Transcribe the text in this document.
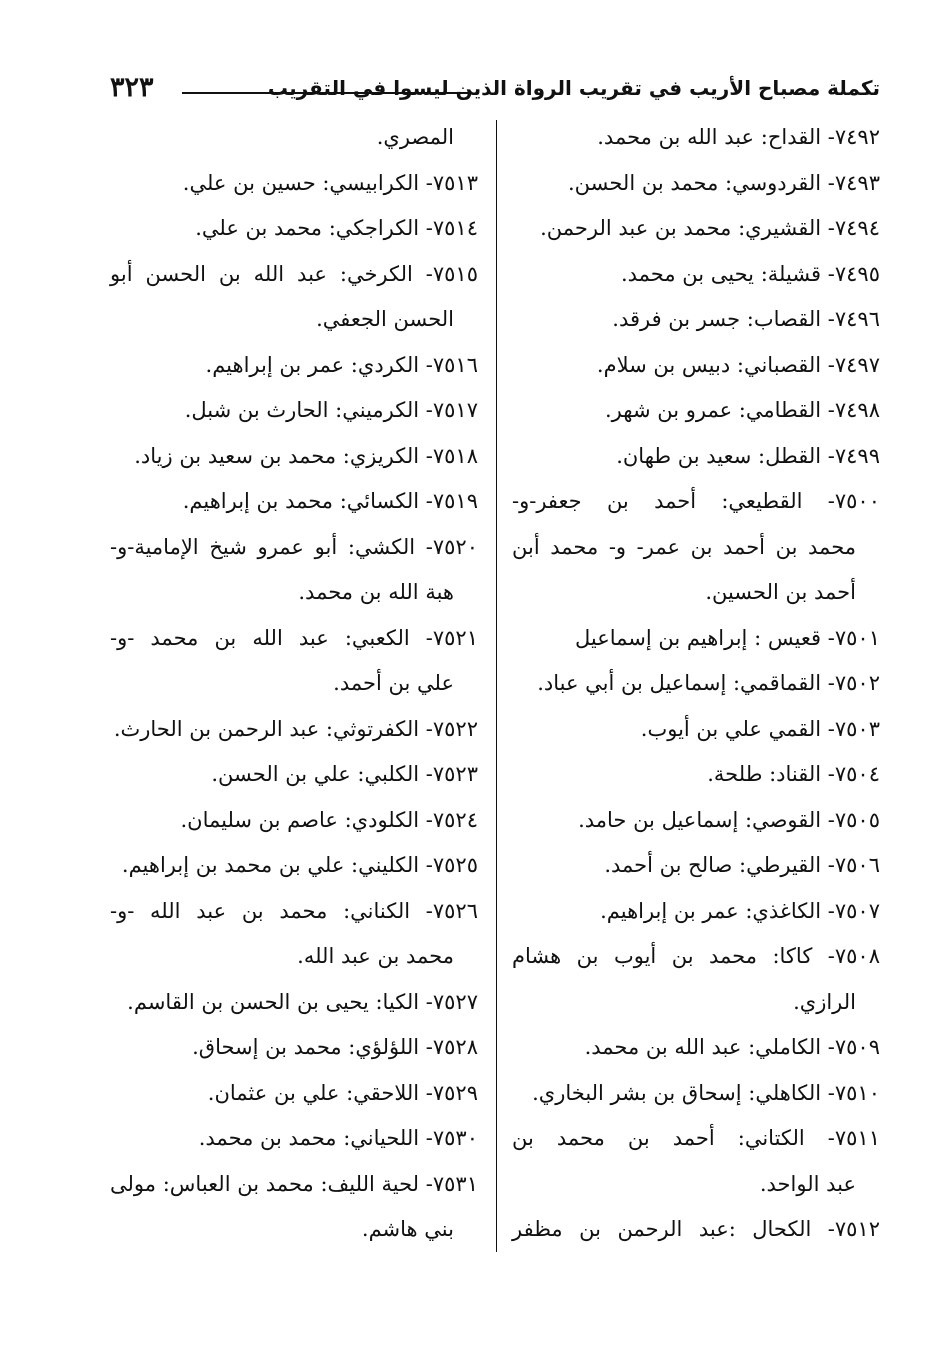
تكملة مصباح الأريب في تقريب الرواة الذين ليسوا في التقريب
٣٢٣
٧٤٩٢- القداح: عبد الله بن محمد.
٧٤٩٣- القردوسي: محمد بن الحسن.
٧٤٩٤- القشيري: محمد بن عبد الرحمن.
٧٤٩٥- قشيلة: يحيى بن محمد.
٧٤٩٦- القصاب: جسر بن فرقد.
٧٤٩٧- القصباني: دبيس بن سلام.
٧٤٩٨- القطامي: عمرو بن شهر.
٧٤٩٩- القطل: سعيد بن طهان.
٧٥٠٠- القطيعي: أحمد بن جعفر-و-
محمد بن أحمد بن عمر- و- محمد أبن
أحمد بن الحسين.
٧٥٠١- قعيس : إبراهيم بن إسماعيل
٧٥٠٢- القماقمي: إسماعيل بن أبي عباد.
٧٥٠٣- القمي علي بن أيوب.
٧٥٠٤- القناد: طلحة.
٧٥٠٥- القوصي: إسماعيل بن حامد.
٧٥٠٦- القيرطي: صالح بن أحمد.
٧٥٠٧- الكاغذي: عمر بن إبراهيم.
٧٥٠٨- كاكا: محمد بن أيوب بن هشام
الرازي.
٧٥٠٩- الكاملي: عبد الله بن محمد.
٧٥١٠- الكاهلي: إسحاق بن بشر البخاري.
٧٥١١- الكتاني: أحمد بن محمد بن
عبد الواحد.
٧٥١٢- الكحال :عبد الرحمن بن مظفر
المصري.
٧٥١٣- الكرابيسي: حسين بن علي.
٧٥١٤- الكراجكي: محمد بن علي.
٧٥١٥- الكرخي: عبد الله بن الحسن أبو
الحسن الجعفي.
٧٥١٦- الكردي: عمر بن إبراهيم.
٧٥١٧- الكرميني: الحارث بن شبل.
٧٥١٨- الكريزي: محمد بن سعيد بن زياد.
٧٥١٩- الكسائي: محمد بن إبراهيم.
٧٥٢٠- الكشي: أبو عمرو شيخ الإمامية-و-
هبة الله بن محمد.
٧٥٢١- الكعبي: عبد الله بن محمد -و-
علي بن أحمد.
٧٥٢٢- الكفرتوثي: عبد الرحمن بن الحارث.
٧٥٢٣- الكلبي: علي بن الحسن.
٧٥٢٤- الكلودي: عاصم بن سليمان.
٧٥٢٥- الكليني: علي بن محمد بن إبراهيم.
٧٥٢٦- الكناني: محمد بن عبد الله -و-
محمد بن عبد الله.
٧٥٢٧- الكيا: يحيى بن الحسن بن القاسم.
٧٥٢٨- اللؤلؤي: محمد بن إسحاق.
٧٥٢٩- اللاحقي: علي بن عثمان.
٧٥٣٠- اللحياني: محمد بن محمد.
٧٥٣١- لحية الليف: محمد بن العباس: مولى
بني هاشم.
